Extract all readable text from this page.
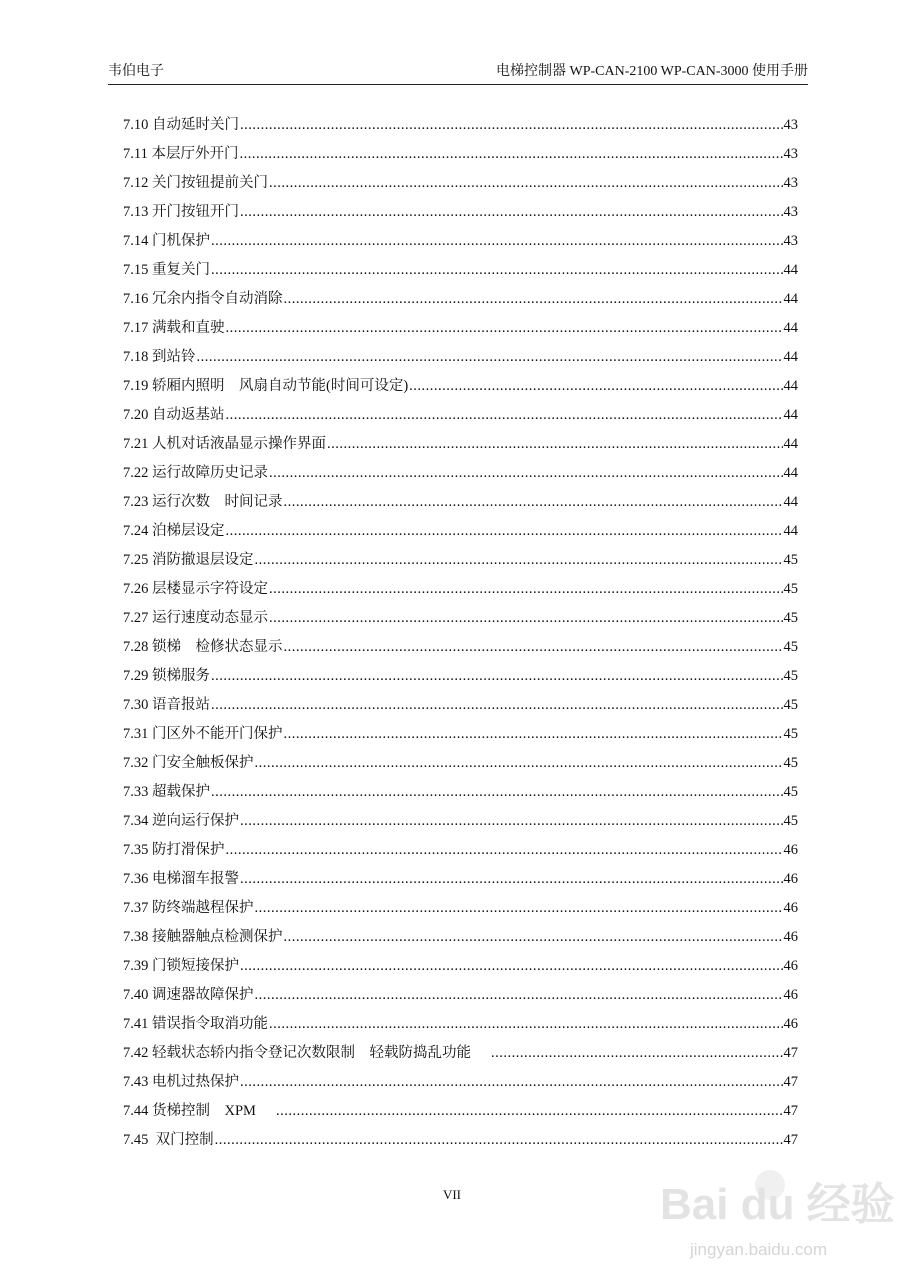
韦伯电子	电梯控制器 WP-CAN-2100 WP-CAN-3000 使用手册
7.10 自动延时关门 .....	43
7.11 本层厅外开门 .....	43
7.12 关门按钮提前关门 .....	43
7.13 开门按钮开门 .....	43
7.14 门机保护 .....	43
7.15 重复关门 .....	44
7.16 冗余内指令自动消除 .....	44
7.17 满载和直驶 .....	44
7.18 到站铃 .....	44
7.19 轿厢内照明　风扇自动节能(时间可设定) .....	44
7.20 自动返基站 .....	44
7.21 人机对话液晶显示操作界面 .....	44
7.22 运行故障历史记录 .....	44
7.23 运行次数　时间记录 .....	44
7.24 泊梯层设定 .....	44
7.25 消防撤退层设定 .....	45
7.26 层楼显示字符设定 .....	45
7.27 运行速度动态显示 .....	45
7.28 锁梯　检修状态显示 .....	45
7.29 锁梯服务 .....	45
7.30 语音报站 .....	45
7.31 门区外不能开门保护 .....	45
7.32 门安全触板保护 .....	45
7.33 超载保护 .....	45
7.34 逆向运行保护 .....	45
7.35 防打滑保护 .....	46
7.36 电梯溜车报警 .....	46
7.37 防终端越程保护 .....	46
7.38 接触器触点检测保护 .....	46
7.39 门锁短接保护 .....	46
7.40 调速器故障保护 .....	46
7.41 错误指令取消功能 .....	46
7.42 轻载状态轿内指令登记次数限制　轻载防捣乱功能 .....	47
7.43 电机过热保护 .....	47
7.44 货梯控制　XPM .....	47
7.45  双门控制 .....	47
VII	Bai du 经验
jingyan.baidu.com
